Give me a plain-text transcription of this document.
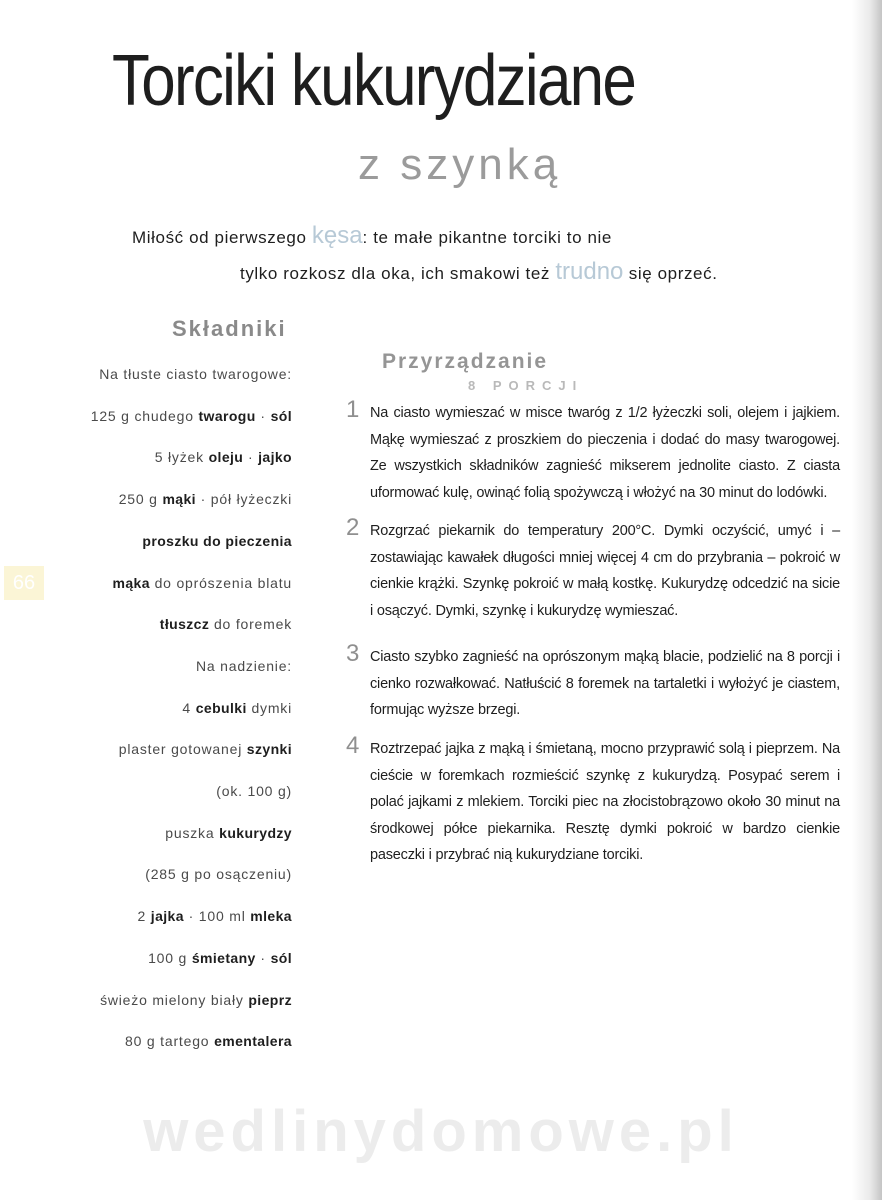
Torciki kukurydziane
z szynką
Miłość od pierwszego kęsa: te małe pikantne torciki to nie
tylko rozkosz dla oka, ich smakowi też trudno się oprzeć.
Składniki
Na tłuste ciasto twarogowe:
125 g chudego twarogu · sól
5 łyżek oleju · jajko
250 g mąki · pół łyżeczki
proszku do pieczenia
mąka do oprószenia blatu
tłuszcz do foremek
Na nadzienie:
4 cebulki dymki
plaster gotowanej szynki
(ok. 100 g)
puszka kukurydzy
(285 g po osączeniu)
2 jajka · 100 ml mleka
100 g śmietany · sól
świeżo mielony biały pieprz
80 g tartego ementalera
66
Przyrządzanie
8 PORCJI
1 Na ciasto wymieszać w misce twaróg z 1/2 łyżeczki soli, olejem i jajkiem. Mąkę wymieszać z proszkiem do pieczenia i dodać do masy twarogowej. Ze wszystkich składników zagnieść mikserem jednolite ciasto. Z ciasta uformować kulę, owinąć folią spożywczą i włożyć na 30 minut do lodówki.
2 Rozgrzać piekarnik do temperatury 200°C. Dymki oczyścić, umyć i – zostawiając kawałek długości mniej więcej 4 cm do przybrania – pokroić w cienkie krążki. Szynkę pokroić w małą kostkę. Kukurydzę odcedzić na sicie i osączyć. Dymki, szynkę i kukurydzę wymieszać.
3 Ciasto szybko zagnieść na oprószonym mąką blacie, podzielić na 8 porcji i cienko rozwałkować. Natłuścić 8 foremek na tartaletki i wyłożyć je ciastem, formując wyższe brzegi.
4 Roztrzepać jajka z mąką i śmietaną, mocno przyprawić solą i pieprzem. Na cieście w foremkach rozmieścić szynkę z kukurydzą. Posypać serem i polać jajkami z mlekiem. Torciki piec na złocistobrązowo około 30 minut na środkowej półce piekarnika. Resztę dymki pokroić w bardzo cienkie paseczki i przybrać nią kukurydziane torciki.
wedlinydomowe.pl
